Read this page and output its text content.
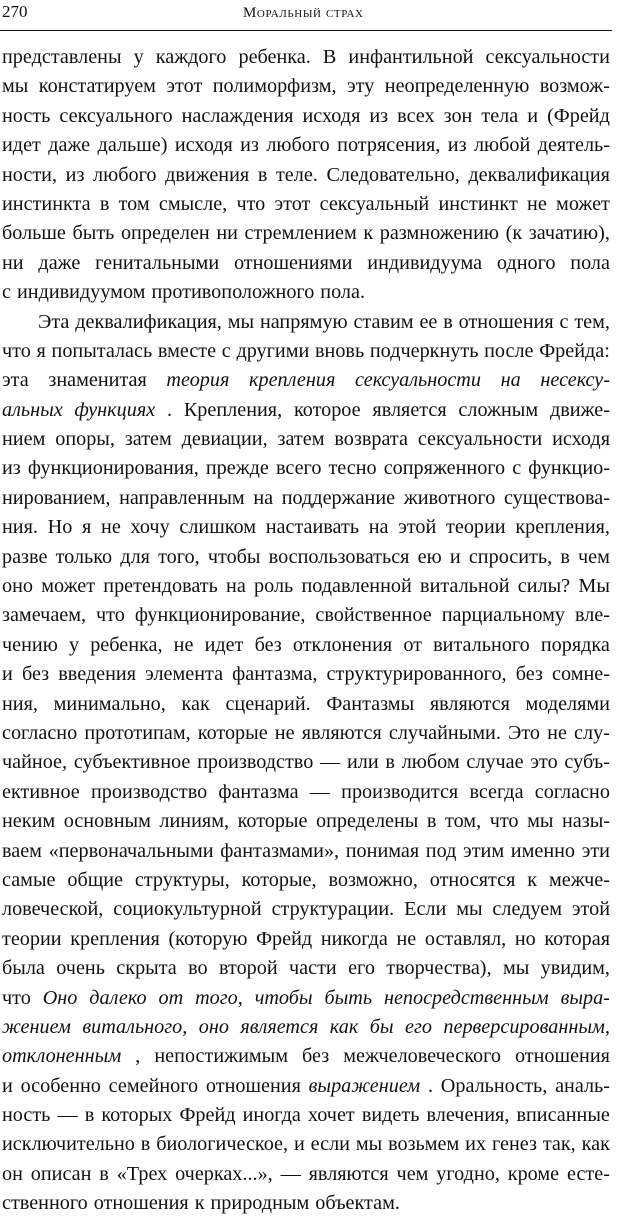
270	Моральный страх
представлены у каждого ребенка. В инфантильной сексуальности
мы констатируем этот полиморфизм, эту неопределенную возмож-
ность сексуального наслаждения исходя из всех зон тела и (Фрейд
идет даже дальше) исходя из любого потрясения, из любой деятель-
ности, из любого движения в теле. Следовательно, деквалификация
инстинкта в том смысле, что этот сексуальный инстинкт не может
больше быть определен ни стремлением к размножению (к зачатию),
ни даже генитальными отношениями индивидуума одного пола
с индивидуумом противоположного пола.
Эта деквалификация, мы напрямую ставим ее в отношения с тем,
что я попыталась вместе с другими вновь подчеркнуть после Фрейда:
эта знаменитая теория крепления сексуальности на несексу-
альных функциях . Крепления, которое является сложным движе-
нием опоры, затем девиации, затем возврата сексуальности исходя
из функционирования, прежде всего тесно сопряженного с функцио-
нированием, направленным на поддержание животного существова-
ния. Но я не хочу слишком настаивать на этой теории крепления,
разве только для того, чтобы воспользоваться ею и спросить, в чем
оно может претендовать на роль подавленной витальной силы? Мы
замечаем, что функционирование, свойственное парциальному вле-
чению у ребенка, не идет без отклонения от витального порядка
и без введения элемента фантазма, структурированного, без сомне-
ния, минимально, как сценарий. Фантазмы являются моделями
согласно прототипам, которые не являются случайными. Это не слу-
чайное, субъективное производство — или в любом случае это субъ-
ективное производство фантазма — производится всегда согласно
неким основным линиям, которые определены в том, что мы назы-
ваем «первоначальными фантазмами», понимая под этим именно эти
самые общие структуры, которые, возможно, относятся к межче-
ловеческой, социокультурной структурации. Если мы следуем этой
теории крепления (которую Фрейд никогда не оставлял, но которая
была очень скрыта во второй части его творчества), мы увидим,
что Оно далеко от того, чтобы быть непосредственным выра-
жением витального, оно является как бы его перверсированным,
отклоненным , непостижимым без межчеловеческого отношения
и особенно семейного отношения выражением . Оральность, аналь-
ность — в которых Фрейд иногда хочет видеть влечения, вписанные
исключительно в биологическое, и если мы возьмем их генез так, как
он описан в «Трех очерках...», — являются чем угодно, кроме есте-
ственного отношения к природным объектам.
